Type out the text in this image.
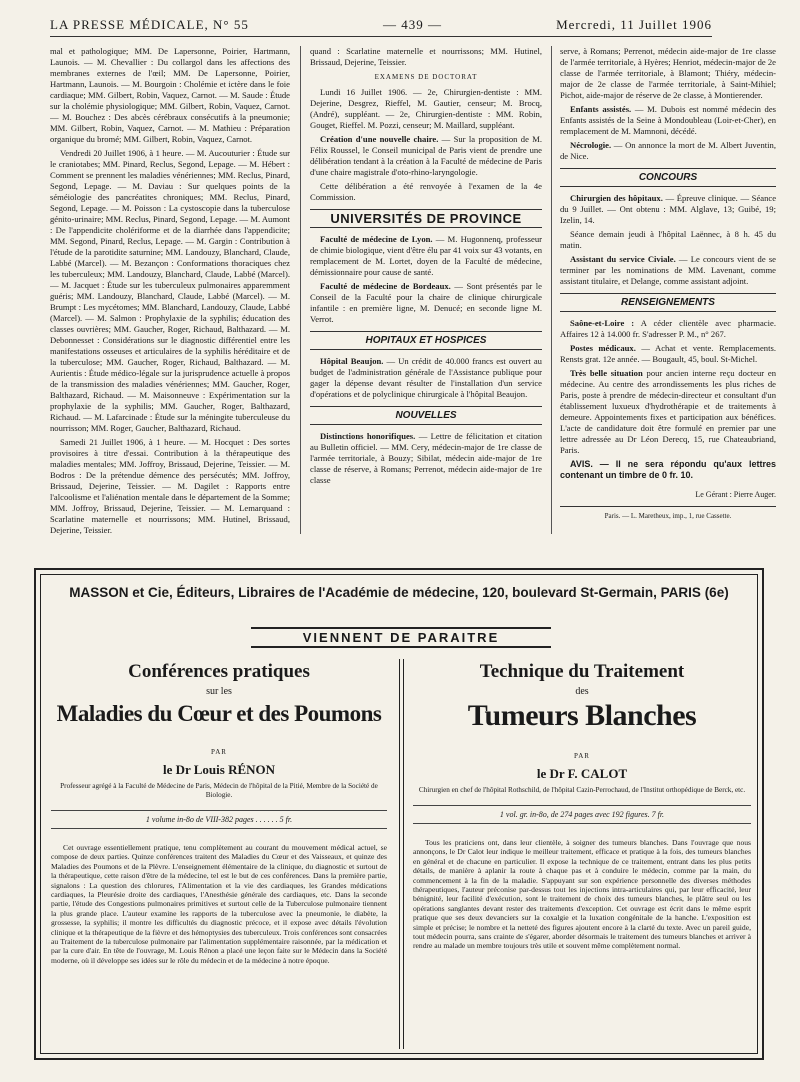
LA PRESSE MÉDICALE, N° 55	— 439 —	Mercredi, 11 Juillet 1906

mal et pathologique; MM. De Lapersonne, Poirier, Hartmann, Launois. — M. Chevallier : Du collargol dans les affections des membranes externes de l'œil; MM. De Lapersonne, Poirier, Hartmann, Launois. — M. Bourgoin : Cholémie et ictère dans le foie cardiaque; MM. Gilbert, Robin, Vaquez, Carnot. — M. Saude : Étude sur la cholémie physiologique; MM. Gilbert, Robin, Vaquez, Carnot. — M. Bouchez : Des abcès cérébraux consécutifs à la pneumonie; MM. Gilbert, Robin, Vaquez, Carnot. — M. Mathieu : Préparation organique du bromé; MM. Gilbert, Robin, Vaquez, Carnot.

Vendredi 20 Juillet 1906, à 1 heure. — M. Aucouturier : Étude sur le craniotabes; MM. Pinard, Reclus, Segond, Lepage. — M. Hébert : Comment se prennent les maladies vénériennes; MM. Reclus, Pinard, Segond, Lepage. — M. Daviau : Sur quelques points de la séméiologie des pancréatites chroniques; MM. Reclus, Pinard, Segond, Lepage. — M. Poisson : La cystoscopie dans la tuberculose génito-urinaire; MM. Reclus, Pinard, Segond, Lepage. — M. Aumont : De l'appendicite cholériforme et de la diarrhée dans l'appendicite; MM. Segond, Pinard, Reclus, Lepage. — M. Gargin : Contribution à l'étude de la parotidite saturnine; MM. Landouzy, Blanchard, Claude, Labbé (Marcel). — M. Bezançon : Conformations thoraciques chez les tuberculeux; MM. Landouzy, Blanchard, Claude, Labbé (Marcel). — M. Jacquet : Étude sur les tuberculeux pulmonaires apparemment guéris; MM. Landouzy, Blanchard, Claude, Labbé (Marcel). — M. Brumpt : Les mycétomes; MM. Blanchard, Landouzy, Claude, Labbé (Marcel). — M. Salmon : Prophylaxie de la syphilis; éducation des classes ouvrières; MM. Gaucher, Roger, Richaud, Balthazard. — M. Debonnesset : Considérations sur le diagnostic différentiel entre les manifestations osseuses et articulaires de la syphilis héréditaire et de la tuberculose; MM. Gaucher, Roger, Richaud, Balthazard. — M. Aurientis : Étude médico-légale sur la jurisprudence actuelle à propos de la transmission des maladies vénériennes; MM. Gaucher, Roger, Balthazard, Richaud. — M. Maisonneuve : Expérimentation sur la prophylaxie de la syphilis; MM. Gaucher, Roger, Balthazard, Richaud. — M. Lafarcinade : Étude sur la méningite tuberculeuse du nourrisson; MM. Roger, Gaucher, Balthazard, Richaud.

Samedi 21 Juillet 1906, à 1 heure. — M. Hocquet : Des sortes provisoires à titre d'essai. Contribution à la thérapeutique des maladies mentales; MM. Joffroy, Brissaud, Dejerine, Teissier. — M. Bodros : De la prétendue démence des persécutés; MM. Joffroy, Brissaud, Dejerine, Teissier. — M. Dagilet : Rapports entre l'alcoolisme et l'aliénation mentale dans le département de la Somme; MM. Joffroy, Brissaud, Dejerine, Teissier. — M. Lemarquand : Scarlatine maternelle et nourrissons; MM. Hutinel, Brissaud, Dejerine, Teissier.

quand : Scarlatine maternelle et nourrissons; MM. Hutinel, Brissaud, Dejerine, Teissier.

EXAMENS DE DOCTORAT

Lundi 16 Juillet 1906. — 2e, Chirurgien-dentiste : MM. Dejerine, Desgrez, Rieffel, M. Gautier, censeur; M. Brocq, (André), suppléant. — 2e, Chirurgien-dentiste : MM. Robin, Gouget, Rieffel. M. Pozzi, censeur; M. Maillard, suppléant.

Création d'une nouvelle chaire. — Sur la proposition de M. Félix Roussel, le Conseil municipal de Paris vient de prendre une délibération tendant à la création à la Faculté de médecine de Paris d'une chaire magistrale d'oto-rhino-laryngologie.

Cette délibération a été renvoyée à l'examen de la 4e Commission.

UNIVERSITÉS DE PROVINCE

Faculté de médecine de Lyon. — M. Hugonnenq, professeur de chimie biologique, vient d'être élu par 41 voix sur 43 votants, en remplacement de M. Lortet, doyen de la Faculté de médecine, démissionnaire pour cause de santé.

Faculté de médecine de Bordeaux. — Sont présentés par le Conseil de la Faculté pour la chaire de clinique chirurgicale infantile : en première ligne, M. Denucé; en seconde ligne M. Verrot.

HOPITAUX ET HOSPICES

Hôpital Beaujon. — Un crédit de 40.000 francs est ouvert au budget de l'administration générale de l'Assistance publique pour gager la dépense devant résulter de l'installation d'un service d'opérations et de polyclinique chirurgicale à l'hôpital Beaujon.

NOUVELLES

Distinctions honorifiques. — Lettre de félicitation et citation au Bulletin officiel. — MM. Cery, médecin-major de 1re classe de l'armée territoriale, à Bouzy; Sibilat, médecin aide-major de 1re classe de réserve, à Romans; Perrenot, médecin aide-major de 1re classe

serve, à Romans; Perrenot, médecin aide-major de 1re classe de l'armée territoriale, à Hyères; Henriot, médecin-major de 2e classe de l'armée territoriale, à Blamont; Thiéry, médecin-major de 2e classe de l'armée territoriale, à Saint-Mihiel; Pichot, aide-major de réserve de 2e classe, à Montierender.

Enfants assistés. — M. Dubois est nommé médecin des Enfants assistés de la Seine à Mondoubleau (Loir-et-Cher), en remplacement de M. Mamnoni, décédé.

Nécrologie. — On annonce la mort de M. Albert Juventin, de Nice.

CONCOURS

Chirurgien des hôpitaux. — Épreuve clinique. — Séance du 9 Juillet. — Ont obtenu : MM. Alglave, 13; Guibé, 19; Izelin, 14.

Séance demain jeudi à l'hôpital Laënnec, à 8 h. 45 du matin.

Assistant du service Civiale. — Le concours vient de se terminer par les nominations de MM. Lavenant, comme assistant titulaire, et Delange, comme assistant adjoint.

RENSEIGNEMENTS

Saône-et-Loire : A céder clientèle avec pharmacie. Affaires 12 à 14.000 fr. S'adresser P. M., n° 267.

Postes médicaux. — Achat et vente. Remplacements. Rensts grat. 12e année. — Bougault, 45, boul. St-Michel.

Très belle situation pour ancien interne reçu docteur en médecine. Au centre des arrondissements les plus riches de Paris, poste à prendre de médecin-directeur et consultant d'un établissement luxueux d'hydrothérapie et de traitements à demeure. Appointements fixes et participation aux bénéfices. L'acte de candidature doit être formulé en premier par une lettre adressée au Dr Léon Derecq, 15, rue Chateaubriand, Paris.

AVIS. — Il ne sera répondu qu'aux lettres contenant un timbre de 0 fr. 10.

Le Gérant : Pierre Auger.
Paris. — L. Maretheux, imp., 1, rue Cassette.
MASSON et Cie, Éditeurs, Libraires de l'Académie de médecine, 120, boulevard St-Germain, PARIS (6e)
VIENNENT DE PARAITRE
Conférences pratiques
sur les
Maladies du Cœur et des Poumons
PAR
le Dr Louis RÉNON
Professeur agrégé à la Faculté de Médecine de Paris, Médecin de l'hôpital de la Pitié, Membre de la Société de Biologie.
1 volume in-8o de VIII-382 pages . . . . . . 5 fr.
Cet ouvrage essentiellement pratique, tenu complètement au courant du mouvement médical actuel, se compose de deux parties. Quinze conférences traitent des Maladies du Cœur et des Vaisseaux, et quinze des Maladies des Poumons et de la Plèvre. L'enseignement élémentaire de la clinique, du diagnostic et surtout de la thérapeutique, cette raison d'être de la médecine, tel est le but de ces conférences. Dans la première partie, signalons : La question des chlorures, l'Alimentation et la vie des cardiaques, les Grandes médications cardiaques, la Pleurésie droite des cardiaques, l'Anesthésie générale des cardiaques, etc. Dans la seconde partie, l'étude des Congestions pulmonaires primitives et surtout celle de la Tuberculose pulmonaire tiennent la plus grande place. L'auteur examine les rapports de la tuberculose avec la pneumonie, le diabète, la grossesse, la syphilis; il montre les difficultés du diagnostic précoce, et il expose avec détails l'évolution clinique et la thérapeutique de la fièvre et des hémoptysies des tuberculeux. Trois conférences sont consacrées au Traitement de la tuberculose pulmonaire par l'alimentation supplémentaire raisonnée, par la médication et par la cure d'air. En tête de l'ouvrage, M. Louis Rénon a placé une leçon faite sur le Médecin dans la Société moderne, où il développe ses idées sur le rôle du médecin et de la médecine à notre époque.
Technique du Traitement
des
Tumeurs Blanches
PAR
le Dr F. CALOT
Chirurgien en chef de l'hôpital Rothschild, de l'hôpital Cazin-Perrochaud, de l'Institut orthopédique de Berck, etc.
1 vol. gr. in-8o, de 274 pages avec 192 figures. 7 fr.
Tous les praticiens ont, dans leur clientèle, à soigner des tumeurs blanches. Dans l'ouvrage que nous annonçons, le Dr Calot leur indique le meilleur traitement, efficace et pratique à la fois, des tumeurs blanches en général et de chacune en particulier. Il expose la technique de ce traitement, entrant dans les plus petits détails, de manière à aplanir la route à chaque pas et à conduire le médecin, comme par la main, du commencement à la fin de la maladie. S'appuyant sur son expérience personnelle des diverses méthodes thérapeutiques, l'auteur préconise par-dessus tout les injections intra-articulaires qui, par leur efficacité, leur bénignité, leur facilité d'exécution, sont le traitement de choix des tumeurs blanches, le plâtre seul ou les opérations sanglantes devant rester des traitements d'exception. Cet ouvrage est écrit dans le même esprit pratique que ses deux devanciers sur la coxalgie et la luxation congénitale de la hanche. L'exposition est simple et précise; le nombre et la netteté des figures ajoutent encore à la clarté du texte. Avec un pareil guide, tout médecin pourra, sans crainte de s'égarer, aborder désormais le traitement des tumeurs blanches et arriver à rendre au malade un membre toujours très utile et souvent même complètement normal.
